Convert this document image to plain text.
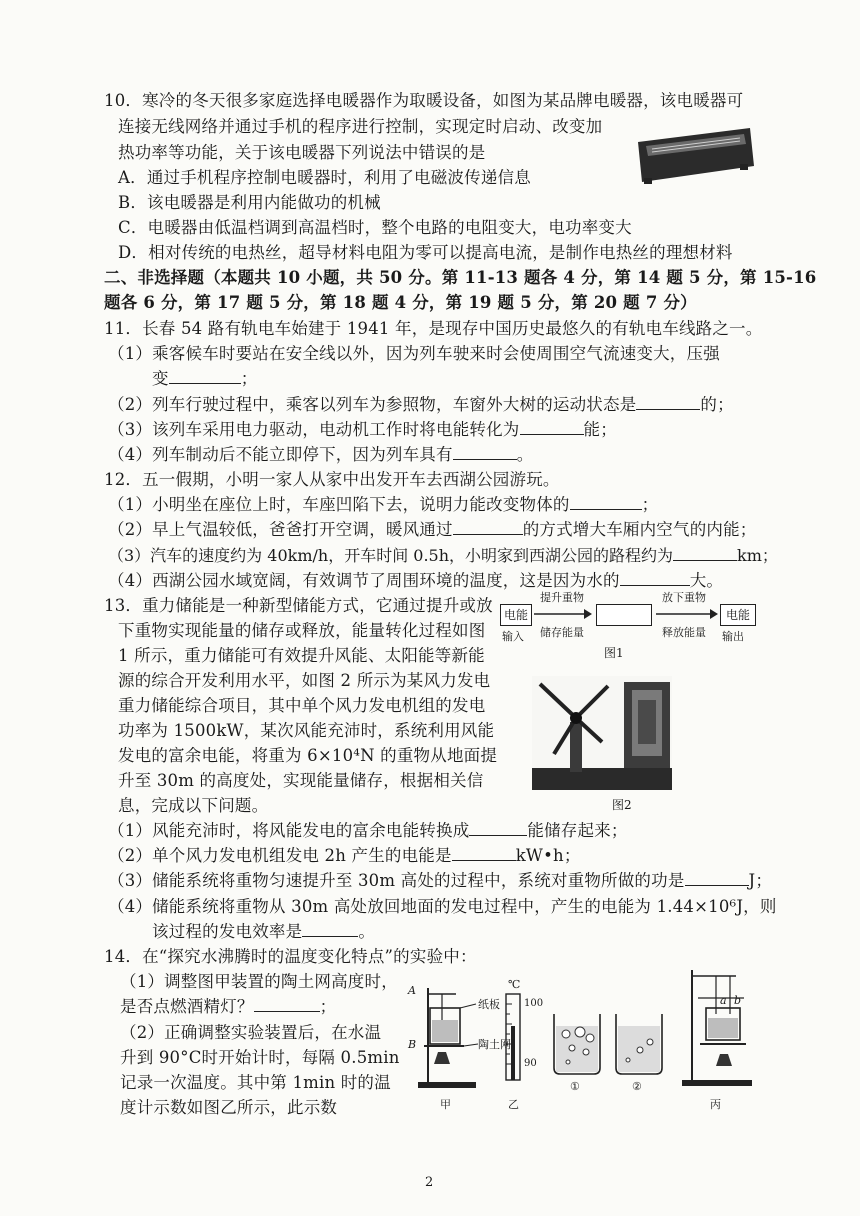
10．寒冷的冬天很多家庭选择电暖器作为取暖设备，如图为某品牌电暖器，该电暖器可
连接无线网络并通过手机的程序进行控制，实现定时启动、改变加
热功率等功能，关于该电暖器下列说法中错误的是
A．通过手机程序控制电暖器时，利用了电磁波传递信息
B．该电暖器是利用内能做功的机械
C．电暖器由低温档调到高温档时，整个电路的电阻变大，电功率变大
D．相对传统的电热丝，超导材料电阻为零可以提高电流，是制作电热丝的理想材料
二、非选择题（本题共 10 小题，共 50 分。第 11-13 题各 4 分，第 14 题 5 分，第 15-16
题各 6 分，第 17 题 5 分，第 18 题 4 分，第 19 题 5 分，第 20 题 7 分）
11．长春 54 路有轨电车始建于 1941 年，是现存中国历史最悠久的有轨电车线路之一。
（1）乘客候车时要站在安全线以外，因为列车驶来时会使周围空气流速变大，压强
变	；
（2）列车行驶过程中，乘客以列车为参照物，车窗外大树的运动状态是	的；
（3）该列车采用电力驱动，电动机工作时将电能转化为	能；
（4）列车制动后不能立即停下，因为列车具有	。
12．五一假期，小明一家人从家中出发开车去西湖公园游玩。
（1）小明坐在座位上时，车座凹陷下去，说明力能改变物体的	；
（2）早上气温较低，爸爸打开空调，暖风通过	的方式增大车厢内空气的内能；
（3）汽车的速度约为 40km/h，开车时间 0.5h，小明家到西湖公园的路程约为	km；
（4）西湖公园水域宽阔，有效调节了周围环境的温度，这是因为水的	大。
13．重力储能是一种新型储能方式，它通过提升或放
下重物实现能量的储存或释放，能量转化过程如图
1 所示，重力储能可有效提升风能、太阳能等新能
源的综合开发利用水平，如图 2 所示为某风力发电
重力储能综合项目，其中单个风力发电机组的发电
功率为 1500kW，某次风能充沛时，系统利用风能
发电的富余电能，将重为 6×10⁴N 的重物从地面提
升至 30m 的高度处，实现能量储存，根据相关信
息，完成以下问题。
电能
输入
提升重物
储存能量
放下重物
释放能量
电能
输出
图1
图2
（1）风能充沛时，将风能发电的富余电能转换成	能储存起来；
（2）单个风力发电机组发电 2h 产生的电能是	kW•h；
（3）储能系统将重物匀速提升至 30m 高处的过程中，系统对重物所做的功是	J；
（4）储能系统将重物从 30m 高处放回地面的发电过程中，产生的电能为 1.44×10⁶J，则
该过程的发电效率是	。
14．在“探究水沸腾时的温度变化特点”的实验中：
（1）调整图甲装置的陶土网高度时，
是否点燃酒精灯？	；
（2）正确调整实验装置后，在水温
升到 90°C时开始计时，每隔 0.5min
记录一次温度。其中第 1min 时的温
度计示数如图乙所示，此示数
A
B
纸板
陶土网
℃
100
90
①	②
a b
甲	乙	丙
2
